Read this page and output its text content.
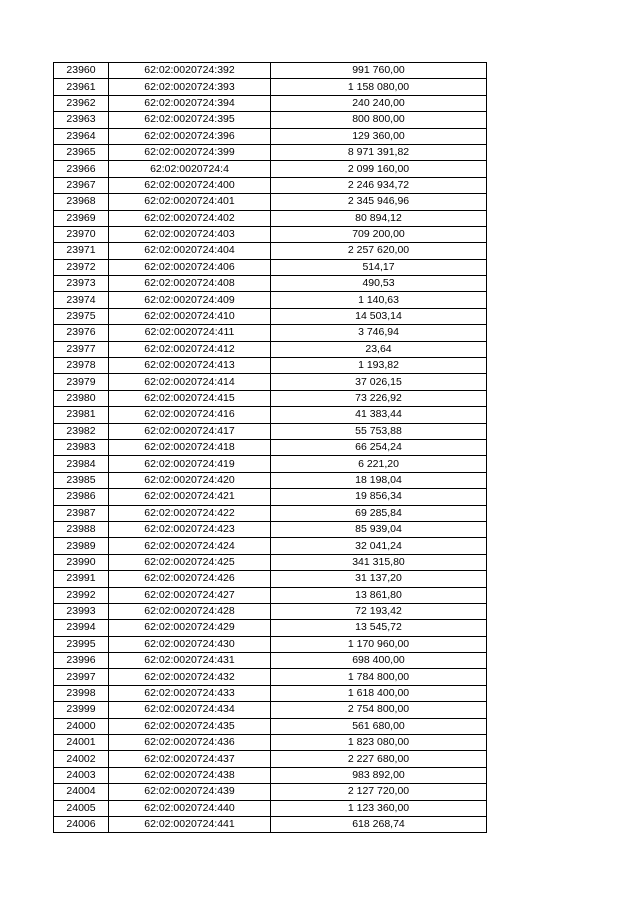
23960	62:02:0020724:392	991 760,00
23961	62:02:0020724:393	1 158 080,00
23962	62:02:0020724:394	240 240,00
23963	62:02:0020724:395	800 800,00
23964	62:02:0020724:396	129 360,00
23965	62:02:0020724:399	8 971 391,82
23966	62:02:0020724:4	2 099 160,00
23967	62:02:0020724:400	2 246 934,72
23968	62:02:0020724:401	2 345 946,96
23969	62:02:0020724:402	80 894,12
23970	62:02:0020724:403	709 200,00
23971	62:02:0020724:404	2 257 620,00
23972	62:02:0020724:406	514,17
23973	62:02:0020724:408	490,53
23974	62:02:0020724:409	1 140,63
23975	62:02:0020724:410	14 503,14
23976	62:02:0020724:411	3 746,94
23977	62:02:0020724:412	23,64
23978	62:02:0020724:413	1 193,82
23979	62:02:0020724:414	37 026,15
23980	62:02:0020724:415	73 226,92
23981	62:02:0020724:416	41 383,44
23982	62:02:0020724:417	55 753,88
23983	62:02:0020724:418	66 254,24
23984	62:02:0020724:419	6 221,20
23985	62:02:0020724:420	18 198,04
23986	62:02:0020724:421	19 856,34
23987	62:02:0020724:422	69 285,84
23988	62:02:0020724:423	85 939,04
23989	62:02:0020724:424	32 041,24
23990	62:02:0020724:425	341 315,80
23991	62:02:0020724:426	31 137,20
23992	62:02:0020724:427	13 861,80
23993	62:02:0020724:428	72 193,42
23994	62:02:0020724:429	13 545,72
23995	62:02:0020724:430	1 170 960,00
23996	62:02:0020724:431	698 400,00
23997	62:02:0020724:432	1 784 800,00
23998	62:02:0020724:433	1 618 400,00
23999	62:02:0020724:434	2 754 800,00
24000	62:02:0020724:435	561 680,00
24001	62:02:0020724:436	1 823 080,00
24002	62:02:0020724:437	2 227 680,00
24003	62:02:0020724:438	983 892,00
24004	62:02:0020724:439	2 127 720,00
24005	62:02:0020724:440	1 123 360,00
24006	62:02:0020724:441	618 268,74
